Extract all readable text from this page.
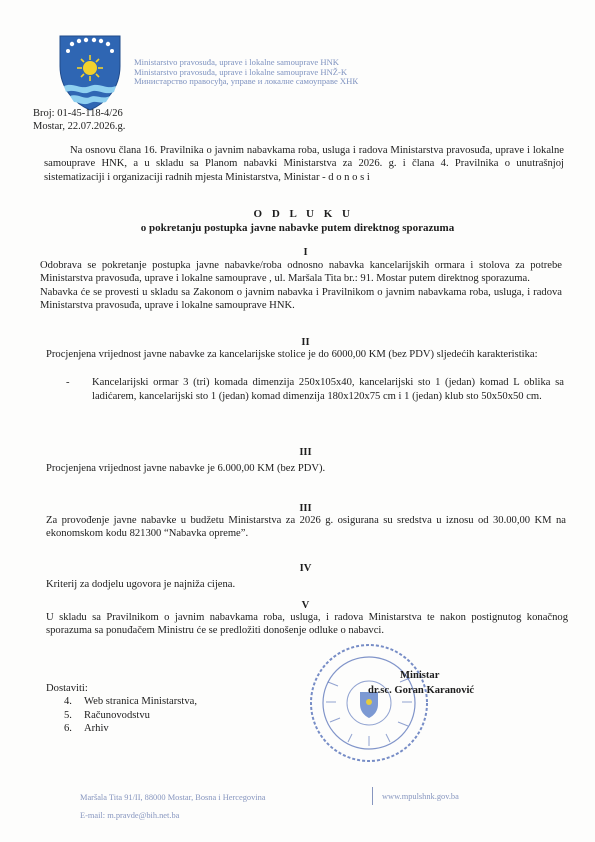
Ministarstvo pravosuđa, uprave i lokalne samouprave HNK
Ministarstvo pravosuđa, uprave i lokalne samouprave HNŽ-K
Министарство правосуђа, управе и локалне самоуправе ХНК
Broj: 01-45-118-4/26
Mostar, 22.07.2026.g.
Na osnovu člana 16. Pravilnika o javnim nabavkama roba, usluga i radova Ministarstva pravosuđa, uprave i lokalne samouprave HNK, a u skladu sa Planom nabavki Ministarstva za 2026. g. i člana 4. Pravilnika o unutrašnjoj sistematizaciji i organizaciji radnih mjesta Ministarstva, Ministar - d o n o s i
O D L U K U
o pokretanju postupka javne nabavke putem direktnog sporazuma
I
Odobrava se pokretanje postupka javne nabavke/roba odnosno nabavka kancelarijskih ormara i stolova za potrebe Ministarstva pravosuđa, uprave i lokalne samouprave , ul. Maršala Tita br.: 91. Mostar putem direktnog sporazuma.
Nabavka će se provesti u skladu sa Zakonom o javnim nabavka i Pravilnikom o javnim nabavkama roba, usluga, i radova Ministarstva pravosuđa, uprave i lokalne samouprave HNK.
II
Procjenjena vrijednost javne nabavke za kancelarijske stolice je do 6000,00 KM (bez PDV) sljedećih karakteristika:
- Kancelarijski ormar 3 (tri) komada dimenzija 250x105x40, kancelarijski sto 1 (jedan) komad L oblika sa ladićarem, kancelarijski sto 1 (jedan) komad dimenzija 180x120x75 cm i 1 (jedan) klub sto 50x50x50 cm.
III
Procjenjena vrijednost javne nabavke je 6.000,00 KM (bez PDV).
III
Za provođenje javne nabavke u budžetu Ministarstva za 2026 g. osigurana su sredstva u iznosu od 30.00,00 KM na ekonomskom kodu 821300 “Nabavka opreme”.
IV
Kriterij za dodjelu ugovora je najniža cijena.
V
U skladu sa Pravilnikom o javnim nabavkama roba, usluga, i radova Ministarstva te nakon postignutog konačnog sporazuma sa ponuđačem Ministru će se predložiti donošenje odluke o nabavci.
Ministar
dr.sc. Goran Karanović
Dostaviti:
4. Web stranica Ministarstva,
5. Računovodstvu
6. Arhiv
Maršala Tita 91/II, 88000 Mostar, Bosna i Hercegovina
E-mail: m.pravde@bih.net.ba
www.mpulshnk.gov.ba
